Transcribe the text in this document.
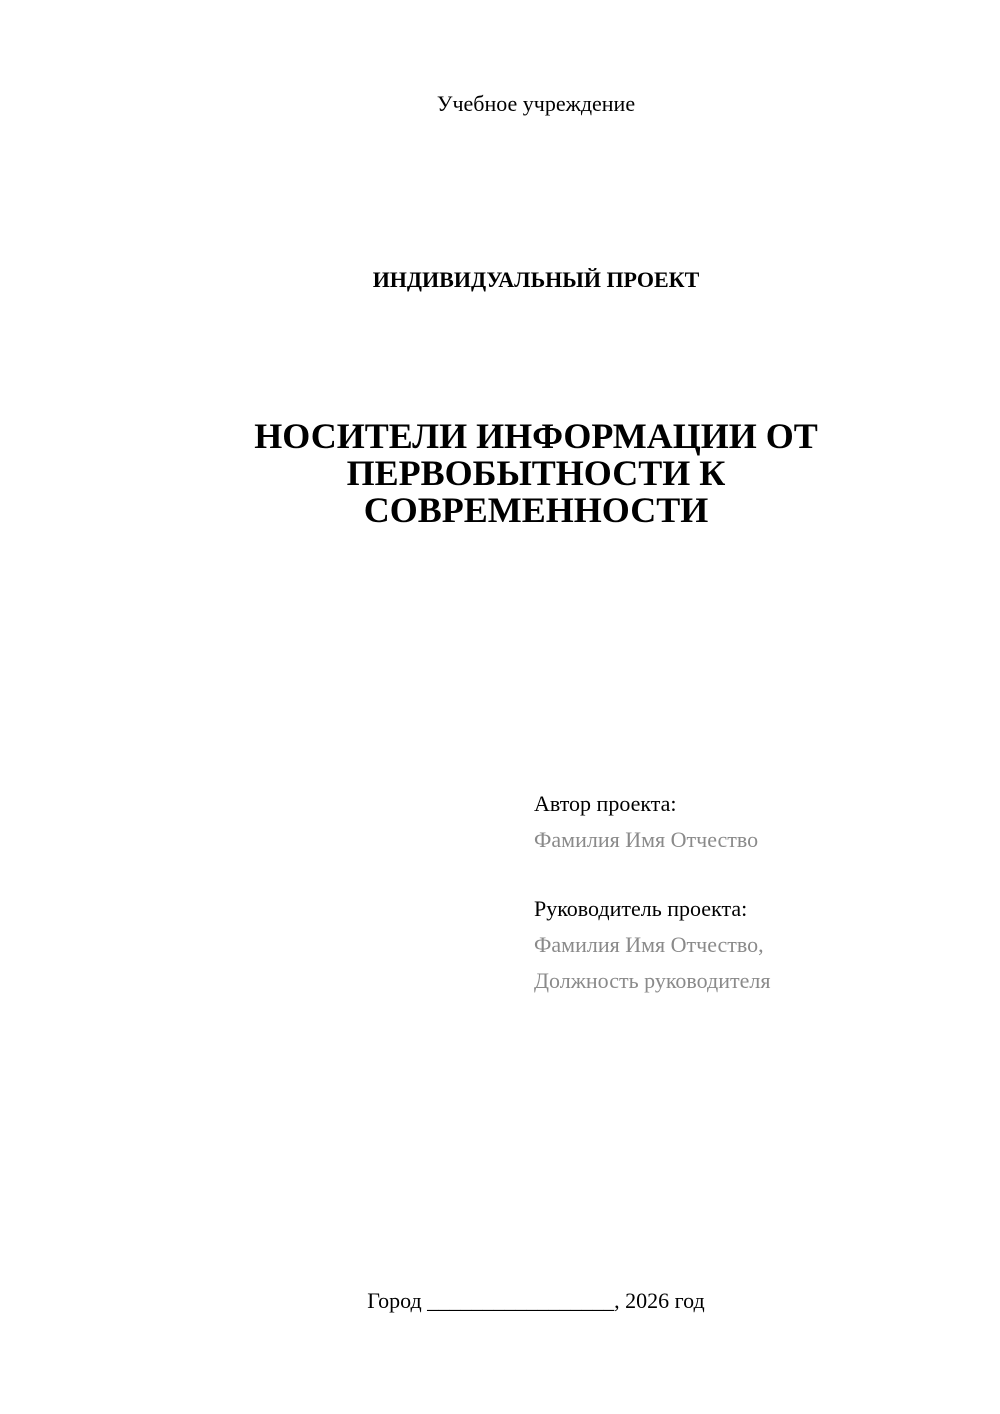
Учебное учреждение
ИНДИВИДУАЛЬНЫЙ ПРОЕКТ
НОСИТЕЛИ ИНФОРМАЦИИ ОТ
ПЕРВОБЫТНОСТИ К
СОВРЕМЕННОСТИ
Автор проекта:
Фамилия Имя Отчество
Руководитель проекта:
Фамилия Имя Отчество,
Должность руководителя
Город _________________, 2026 год
